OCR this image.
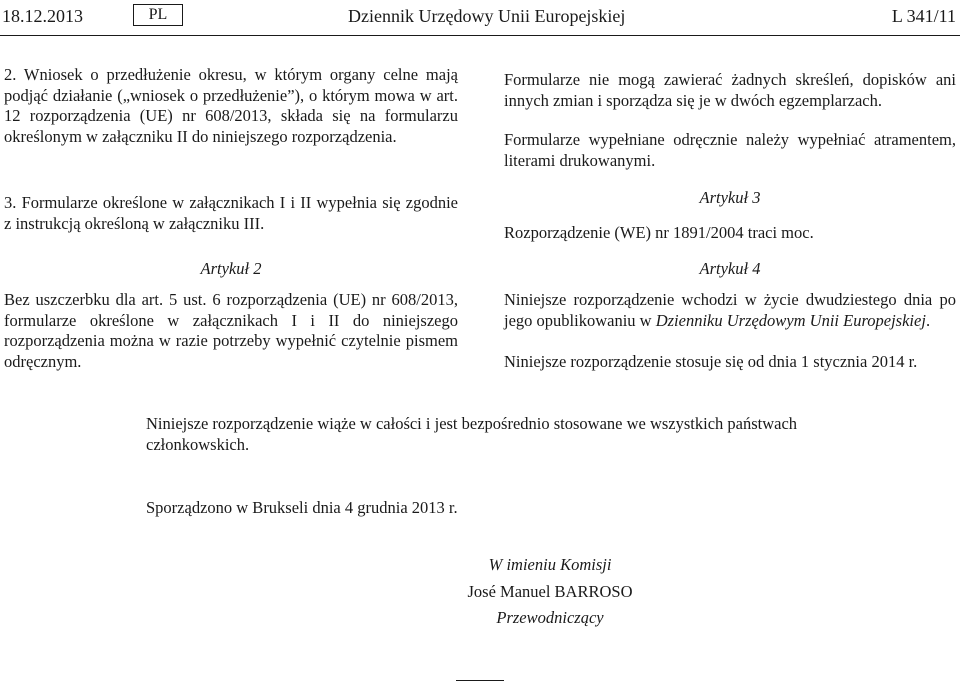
18.12.2013	PL	Dziennik Urzędowy Unii Europejskiej	L 341/11

2. Wniosek o przedłużenie okresu, w którym organy celne mają podjąć działanie („wniosek o przedłużenie”), o którym mowa w art. 12 rozporządzenia (UE) nr 608/2013, składa się na formularzu określonym w załączniku II do niniejszego rozporządzenia.

3. Formularze określone w załącznikach I i II wypełnia się zgodnie z instrukcją określoną w załączniku III.

Artykuł 2

Bez uszczerbku dla art. 5 ust. 6 rozporządzenia (UE) nr 608/2013, formularze określone w załącznikach I i II do niniejszego rozporządzenia można w razie potrzeby wypełnić czytelnie pismem odręcznym.

Formularze nie mogą zawierać żadnych skreśleń, dopisków ani innych zmian i sporządza się je w dwóch egzemplarzach.

Formularze wypełniane odręcznie należy wypełniać atramentem, literami drukowanymi.

Artykuł 3
Rozporządzenie (WE) nr 1891/2004 traci moc.
Artykuł 4

Niniejsze rozporządzenie wchodzi w życie dwudziestego dnia po jego opublikowaniu w Dzienniku Urzędowym Unii Europejskiej.

Niniejsze rozporządzenie stosuje się od dnia 1 stycznia 2014 r.
Niniejsze rozporządzenie wiąże w całości i jest bezpośrednio stosowane we wszystkich państwach członkowskich.
Sporządzono w Brukseli dnia 4 grudnia 2013 r.
W imieniu Komisji
José Manuel BARROSO
Przewodniczący
